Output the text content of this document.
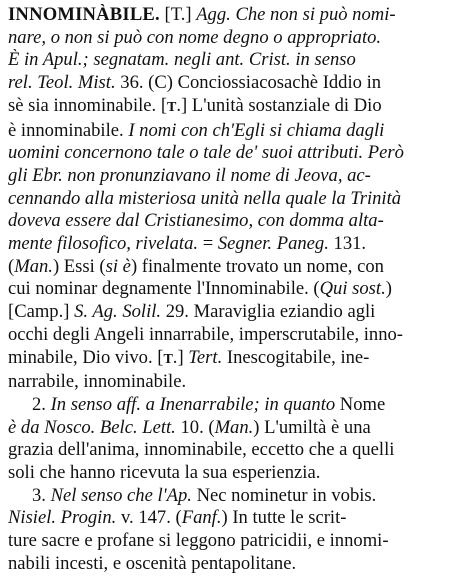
INNOMINÀBILE. [T.] Agg. Che non si può nomi-
nare, o non si può con nome degno o appropriato.
È in Apul.; segnatam. negli ant. Crist. in senso
rel. Teol. Mist. 36. (C) Conciossiacosachè Iddio in
sè sia innominabile. [T.] L'unità sostanziale di Dio
è innominabile. I nomi con ch'Egli si chiama dagli
uomini concernono tale o tale de' suoi attributi. Però
gli Ebr. non pronunziavano il nome di Jeova, ac-
cennando alla misteriosa unità nella quale la Trinità
doveva essere dal Cristianesimo, con domma altа-
mente filosofico, rivelata. = Segner. Paneg. 131.
(Man.) Essi (si è) finalmente trovato un nome, con
cui nominar degnamente l'Innominabile. (Qui sost.)
[Camp.] S. Ag. Solil. 29. Maraviglia eziandio agli
occhi degli Angeli innarrabile, imperscrutabile, inno-
minabile, Dio vivo. [T.] Tert. Inescogitabile, ine-
narrabile, innominabile.
2. In senso aff. a Inenarrabile; in quanto Nome
è da Nosco. Belc. Lett. 10. (Man.) L'umiltà è una
grazia dell'anima, innominabile, eccetto che a quelli
soli che hanno ricevuta la sua esperienzia.
3. Nel senso che l'Ap. Nec nominetur in vobis.
Nisiel. Progin. v. 147. (Fanf.) In tutte le scrit-
ture sacre e profane si leggono patricidii, e innomi-
nabili incesti, e oscenità pentapolitane.
